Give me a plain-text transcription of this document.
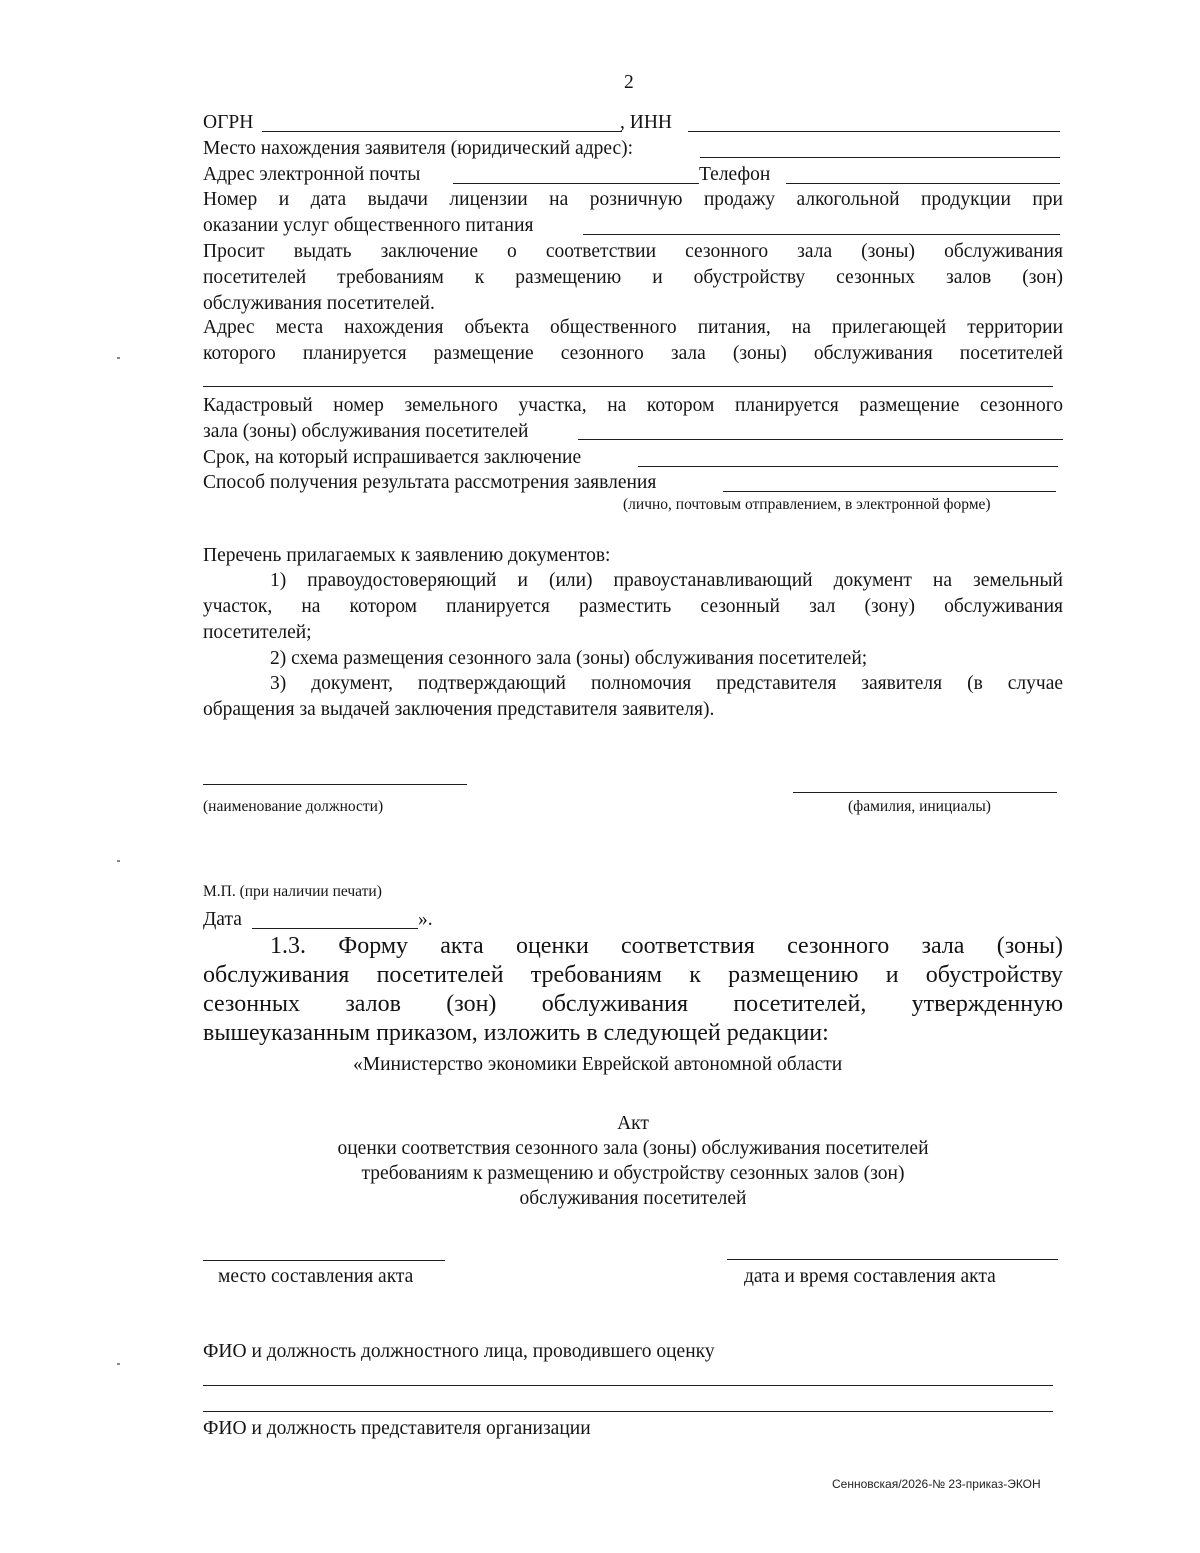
2
ОГРН	, ИНН
Место нахождения заявителя (юридический адрес):
Адрес электронной почты	Телефон
Номер и дата выдачи лицензии на розничную продажу алкогольной продукции при
оказании услуг общественного питания
Просит выдать заключение о соответствии сезонного зала (зоны) обслуживания
посетителей требованиям к размещению и обустройству сезонных залов (зон)
обслуживания посетителей.
Адрес места нахождения объекта общественного питания, на прилегающей территории
которого планируется размещение сезонного зала (зоны) обслуживания посетителей
Кадастровый номер земельного участка, на котором планируется размещение сезонного
зала (зоны) обслуживания посетителей
Срок, на который испрашивается заключение
Способ получения результата рассмотрения заявления
(лично, почтовым отправлением, в электронной форме)
Перечень прилагаемых к заявлению документов:
1) правоудостоверяющий и (или) правоустанавливающий документ на земельный
участок, на котором планируется разместить сезонный зал (зону) обслуживания
посетителей;
2) схема размещения сезонного зала (зоны) обслуживания посетителей;
3) документ, подтверждающий полномочия представителя заявителя (в случае
обращения за выдачей заключения представителя заявителя).
(наименование должности)	(фамилия, инициалы)
М.П. (при наличии печати)
Дата	».
1.3. Форму акта оценки соответствия сезонного зала (зоны)
обслуживания посетителей требованиям к размещению и обустройству
сезонных залов (зон) обслуживания посетителей, утвержденную
вышеуказанным приказом, изложить в следующей редакции:
«Министерство экономики Еврейской автономной области
Акт
оценки соответствия сезонного зала (зоны) обслуживания посетителей
требованиям к размещению и обустройству сезонных залов (зон)
обслуживания посетителей
место составления акта	дата и время составления акта
ФИО и должность должностного лица, проводившего оценку
ФИО и должность представителя организации
Сенновская/2026-№ 23-приказ-ЭКОН
